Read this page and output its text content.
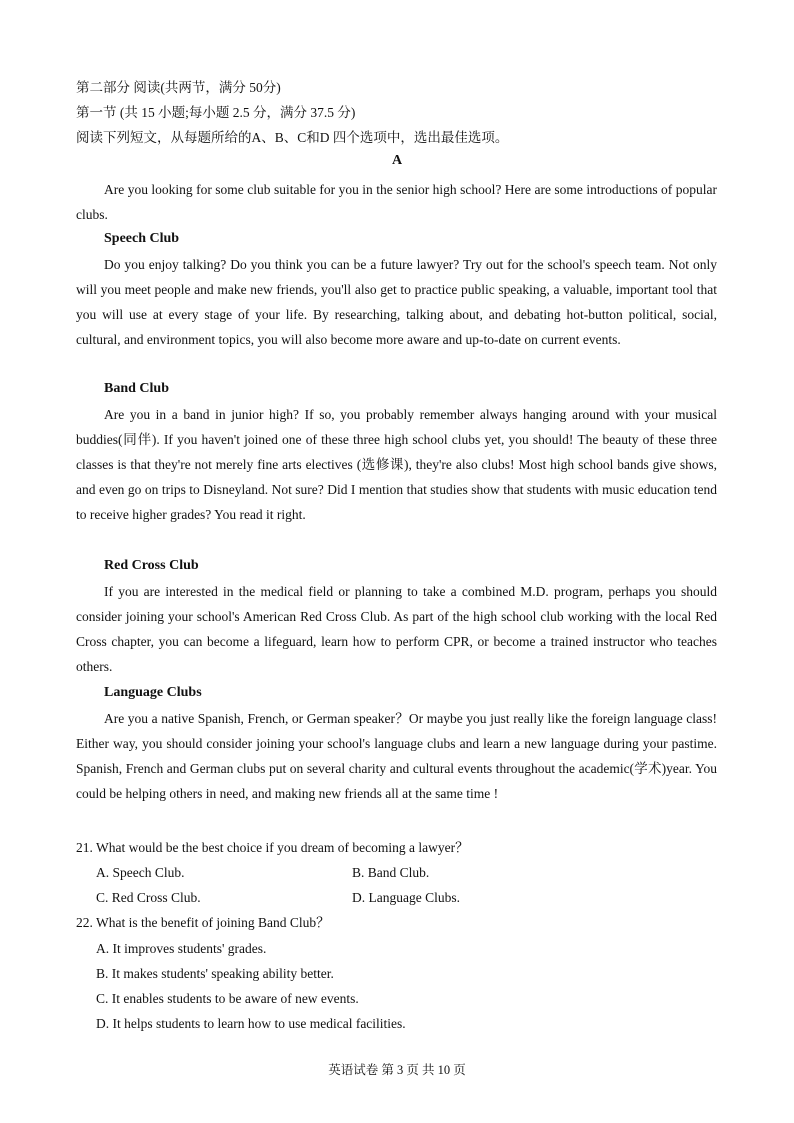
第二部分 阅读(共两节，满分 50分)
第一节 (共 15 小题;每小题 2.5 分，满分 37.5 分)
阅读下列短文，从每题所给的A、B、C和D 四个选项中，选出最佳选项。
A
Are you looking for some club suitable for you in the senior high school? Here are some introductions of popular clubs.
Speech Club
Do you enjoy talking? Do you think you can be a future lawyer? Try out for the school's speech team. Not only will you meet people and make new friends, you'll also get to practice public speaking, a valuable, important tool that you will use at every stage of your life. By researching, talking about, and debating hot-button political, social, cultural, and environment topics, you will also become more aware and up-to-date on current events.
Band Club
Are you in a band in junior high? If so, you probably remember always hanging around with your musical buddies(同伴). If you haven't joined one of these three high school clubs yet, you should! The beauty of these three classes is that they're not merely fine arts electives (选修课), they're also clubs! Most high school bands give shows, and even go on trips to Disneyland. Not sure? Did I mention that studies show that students with music education tend to receive higher grades? You read it right.
Red Cross Club
If you are interested in the medical field or planning to take a combined M.D. program, perhaps you should consider joining your school's American Red Cross Club. As part of the high school club working with the local Red Cross chapter, you can become a lifeguard, learn how to perform CPR, or become a trained instructor who teaches others.
Language Clubs
Are you a native Spanish, French, or German speaker？Or maybe you just really like the foreign language class! Either way, you should consider joining your school's language clubs and learn a new language during your pastime. Spanish, French and German clubs put on several charity and cultural events throughout the academic(学术)year. You could be helping others in need, and making new friends all at the same time !
21. What would be the best choice if you dream of becoming a lawyer？
A. Speech Club.	B. Band Club.
C. Red Cross Club.	D. Language Clubs.
22. What is the benefit of joining Band Club？
A. It improves students' grades.
B. It makes students' speaking ability better.
C. It enables students to be aware of new events.
D. It helps students to learn how to use medical facilities.
英语试卷 第 3 页 共 10 页
